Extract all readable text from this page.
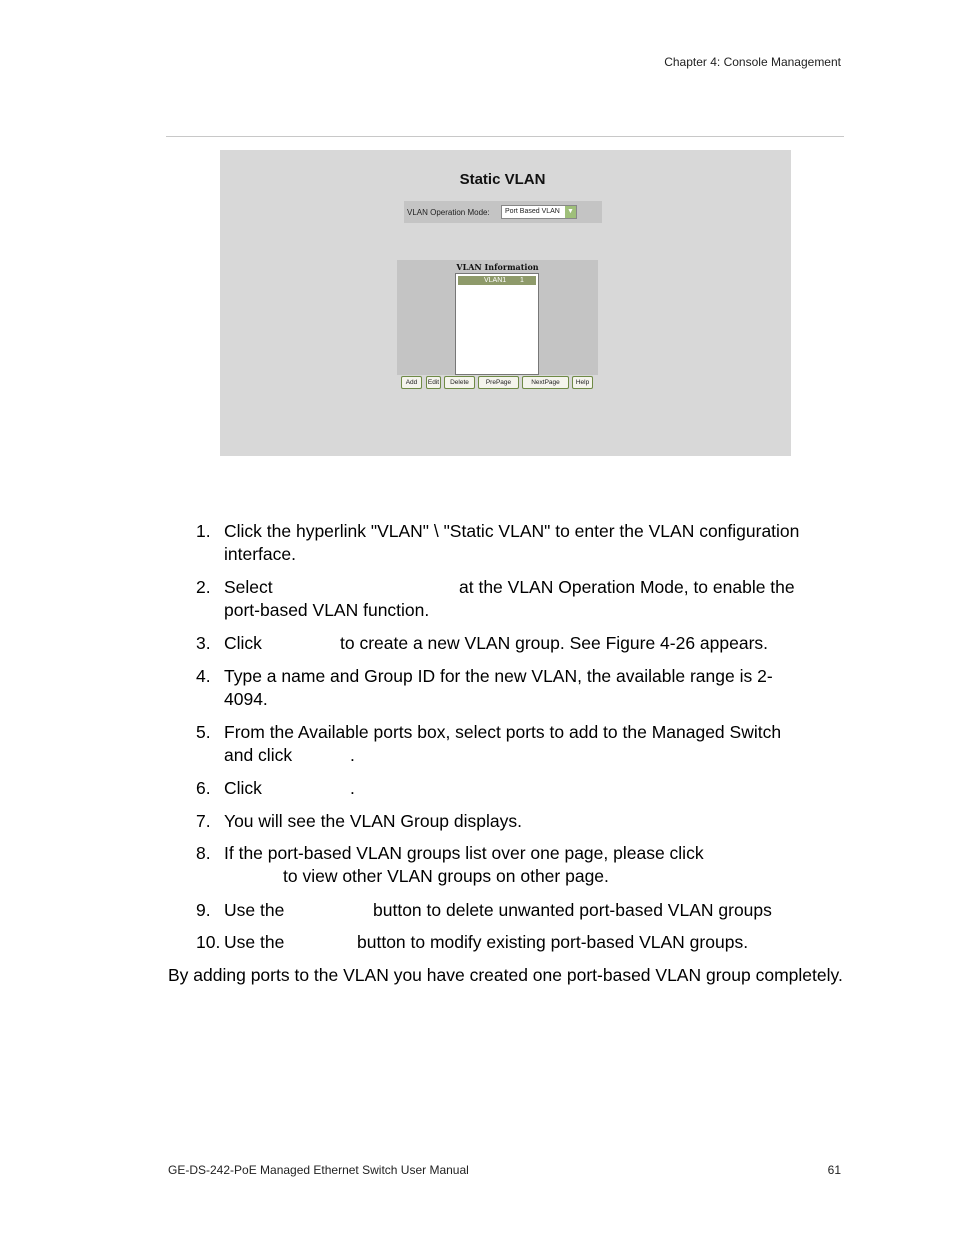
Chapter 4: Console Management
Static VLAN
VLAN Operation Mode: Port Based VLAN ▼
VLAN Information
VLAN1 1
Add	Edit	Delete	PrePage	NextPage	Help
1. Click the hyperlink "VLAN" \ "Static VLAN" to enter the VLAN configuration
interface.
2. Select	at the VLAN Operation Mode, to enable the
port-based VLAN function.
3. Click	to create a new VLAN group. See Figure 4-26 appears.
4. Type a name and Group ID for the new VLAN, the available range is 2-
4094.
5. From the Available ports box, select ports to add to the Managed Switch
and click	.
6. Click	.
7. You will see the VLAN Group displays.
8. If the port-based VLAN groups list over one page, please click
to view other VLAN groups on other page.
9. Use the	button to delete unwanted port-based VLAN groups
10. Use the	button to modify existing port-based VLAN groups.
By adding ports to the VLAN you have created one port-based VLAN group completely.
GE-DS-242-PoE Managed Ethernet Switch User Manual	61
